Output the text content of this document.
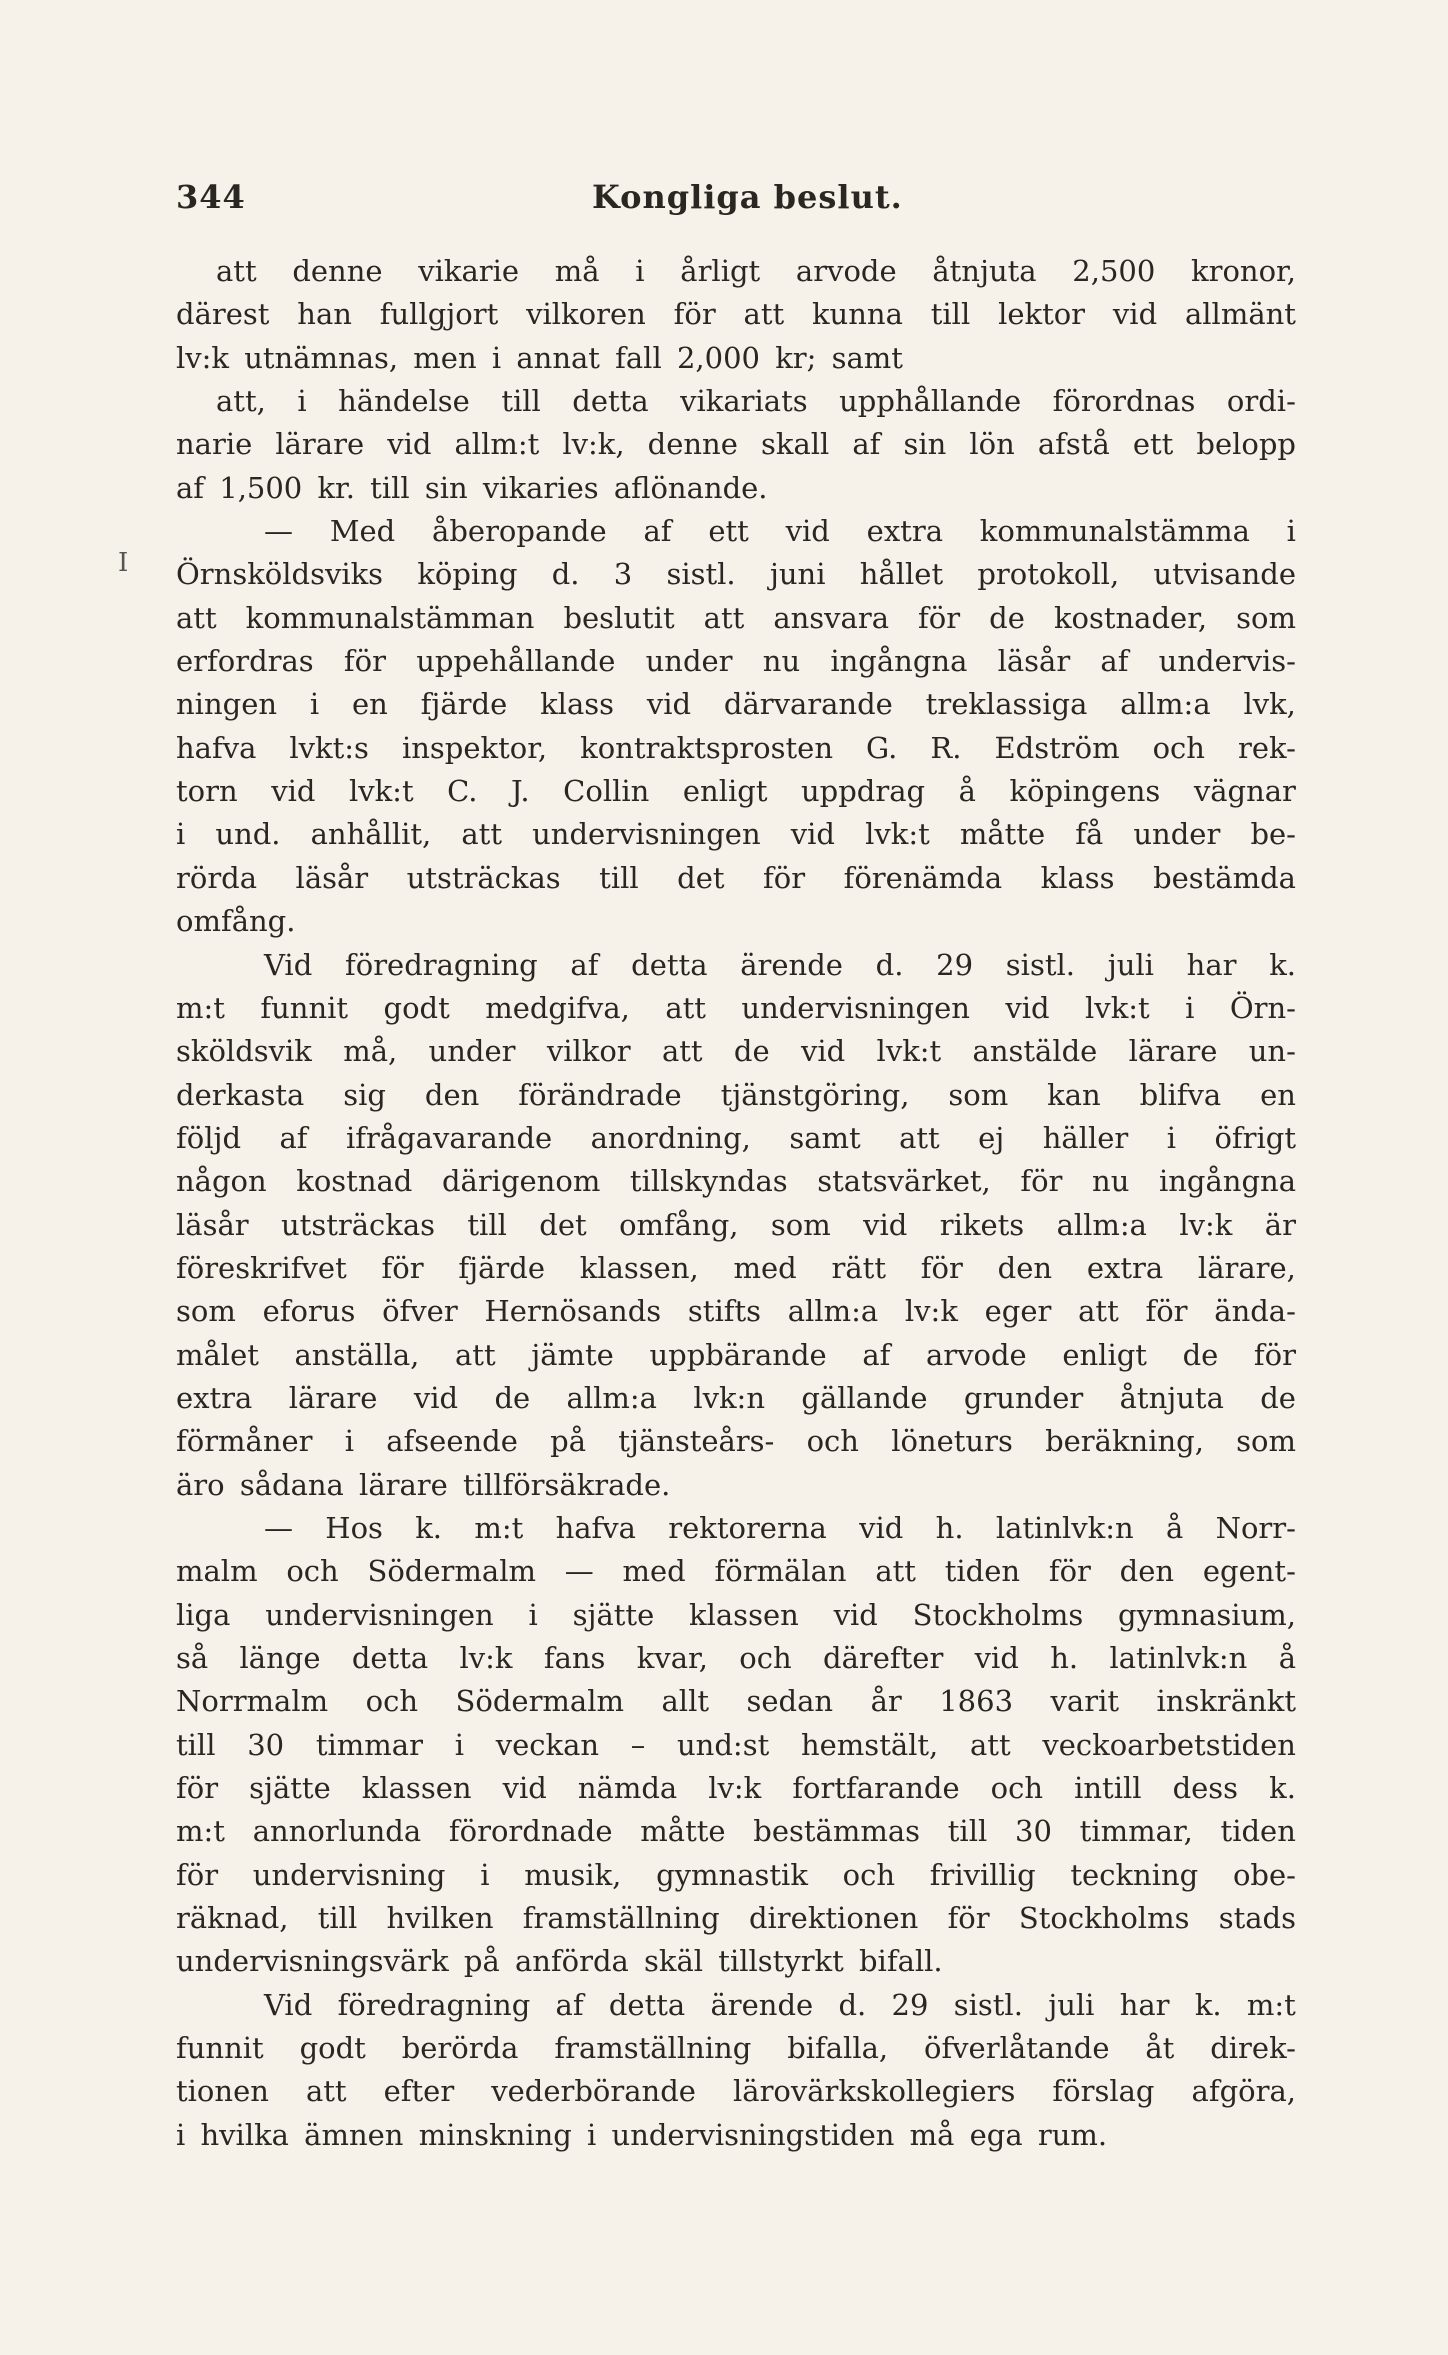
344	Kongliga beslut.
I
att denne vikarie må i årligt arvode åtnjuta 2,500 kronor,
därest han fullgjort vilkoren för att kunna till lektor vid allmänt
lv:k utnämnas, men i annat fall 2,000 kr; samt
att, i händelse till detta vikariats upphållande förordnas ordi-
narie lärare vid allm:t lv:k, denne skall af sin lön afstå ett belopp
af 1,500 kr. till sin vikaries aflönande.
— Med åberopande af ett vid extra kommunalstämma i
Örnsköldsviks köping d. 3 sistl. juni hållet protokoll, utvisande
att kommunalstämman beslutit att ansvara för de kostnader, som
erfordras för uppehållande under nu ingångna läsår af undervis-
ningen i en fjärde klass vid därvarande treklassiga allm:a lvk,
hafva lvkt:s inspektor, kontraktsprosten G. R. Edström och rek-
torn vid lvk:t C. J. Collin enligt uppdrag å köpingens vägnar
i und. anhållit, att undervisningen vid lvk:t måtte få under be-
rörda läsår utsträckas till det för förenämda klass bestämda
omfång.
Vid föredragning af detta ärende d. 29 sistl. juli har k.
m:t funnit godt medgifva, att undervisningen vid lvk:t i Örn-
sköldsvik må, under vilkor att de vid lvk:t anstälde lärare un-
derkasta sig den förändrade tjänstgöring, som kan blifva en
följd af ifrågavarande anordning, samt att ej häller i öfrigt
någon kostnad därigenom tillskyndas statsvärket, för nu ingångna
läsår utsträckas till det omfång, som vid rikets allm:a lv:k är
föreskrifvet för fjärde klassen, med rätt för den extra lärare,
som eforus öfver Hernösands stifts allm:a lv:k eger att för ända-
målet anställa, att jämte uppbärande af arvode enligt de för
extra lärare vid de allm:a lvk:n gällande grunder åtnjuta de
förmåner i afseende på tjänsteårs- och löneturs beräkning, som
äro sådana lärare tillförsäkrade.
— Hos k. m:t hafva rektorerna vid h. latinlvk:n å Norr-
malm och Södermalm — med förmälan att tiden för den egent-
liga undervisningen i sjätte klassen vid Stockholms gymnasium,
så länge detta lv:k fans kvar, och därefter vid h. latinlvk:n å
Norrmalm och Södermalm allt sedan år 1863 varit inskränkt
till 30 timmar i veckan – und:st hemstält, att veckoarbetstiden
för sjätte klassen vid nämda lv:k fortfarande och intill dess k.
m:t annorlunda förordnade måtte bestämmas till 30 timmar, tiden
för undervisning i musik, gymnastik och frivillig teckning obe-
räknad, till hvilken framställning direktionen för Stockholms stads
undervisningsvärk på anförda skäl tillstyrkt bifall.
Vid föredragning af detta ärende d. 29 sistl. juli har k. m:t
funnit godt berörda framställning bifalla, öfverlåtande åt direk-
tionen att efter vederbörande lärovärkskollegiers förslag afgöra,
i hvilka ämnen minskning i undervisningstiden må ega rum.
